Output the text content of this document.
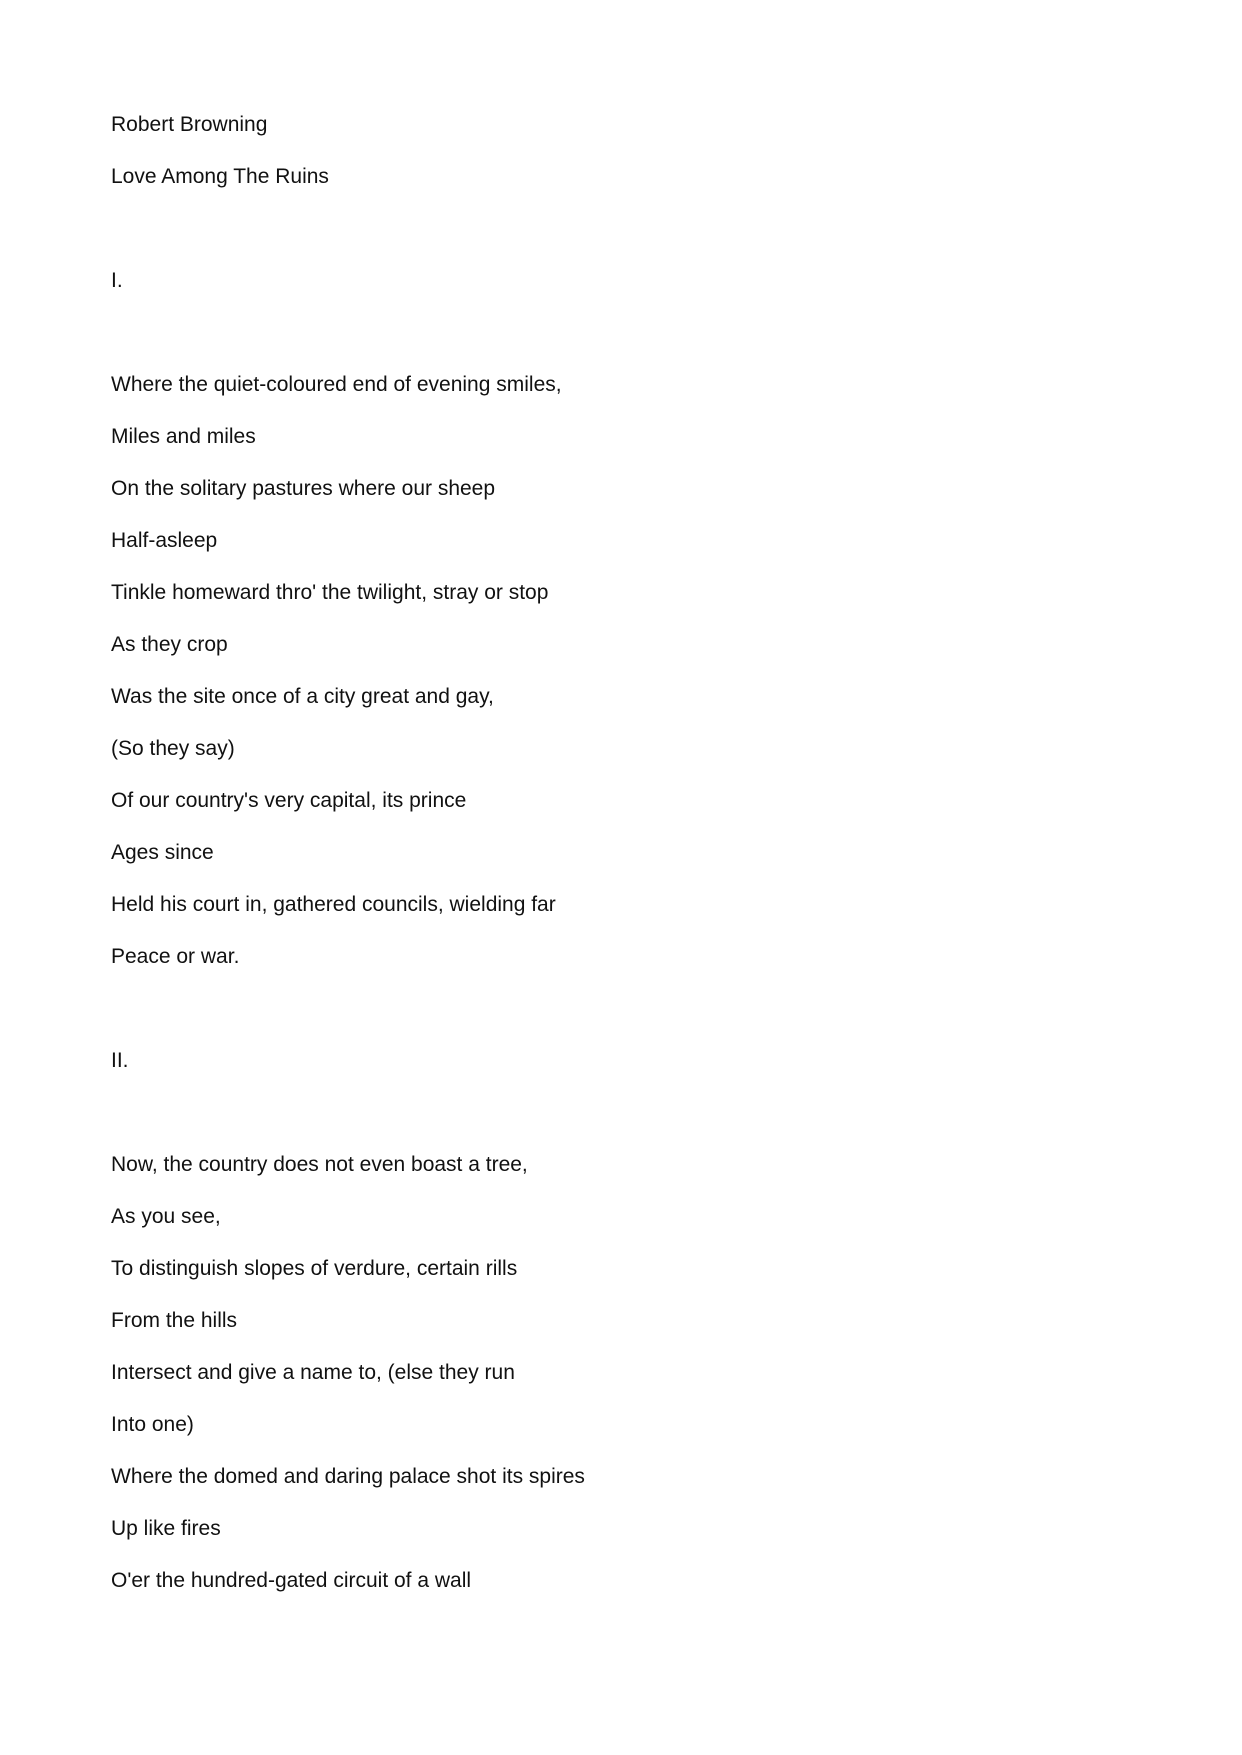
Robert Browning
Love Among The Ruins
I.
Where the quiet-coloured end of evening smiles,
Miles and miles
On the solitary pastures where our sheep
Half-asleep
Tinkle homeward thro' the twilight, stray or stop
As they crop
Was the site once of a city great and gay,
(So they say)
Of our country's very capital, its prince
Ages since
Held his court in, gathered councils, wielding far
Peace or war.
II.
Now, the country does not even boast a tree,
As you see,
To distinguish slopes of verdure, certain rills
From the hills
Intersect and give a name to, (else they run
Into one)
Where the domed and daring palace shot its spires
Up like fires
O'er the hundred-gated circuit of a wall
